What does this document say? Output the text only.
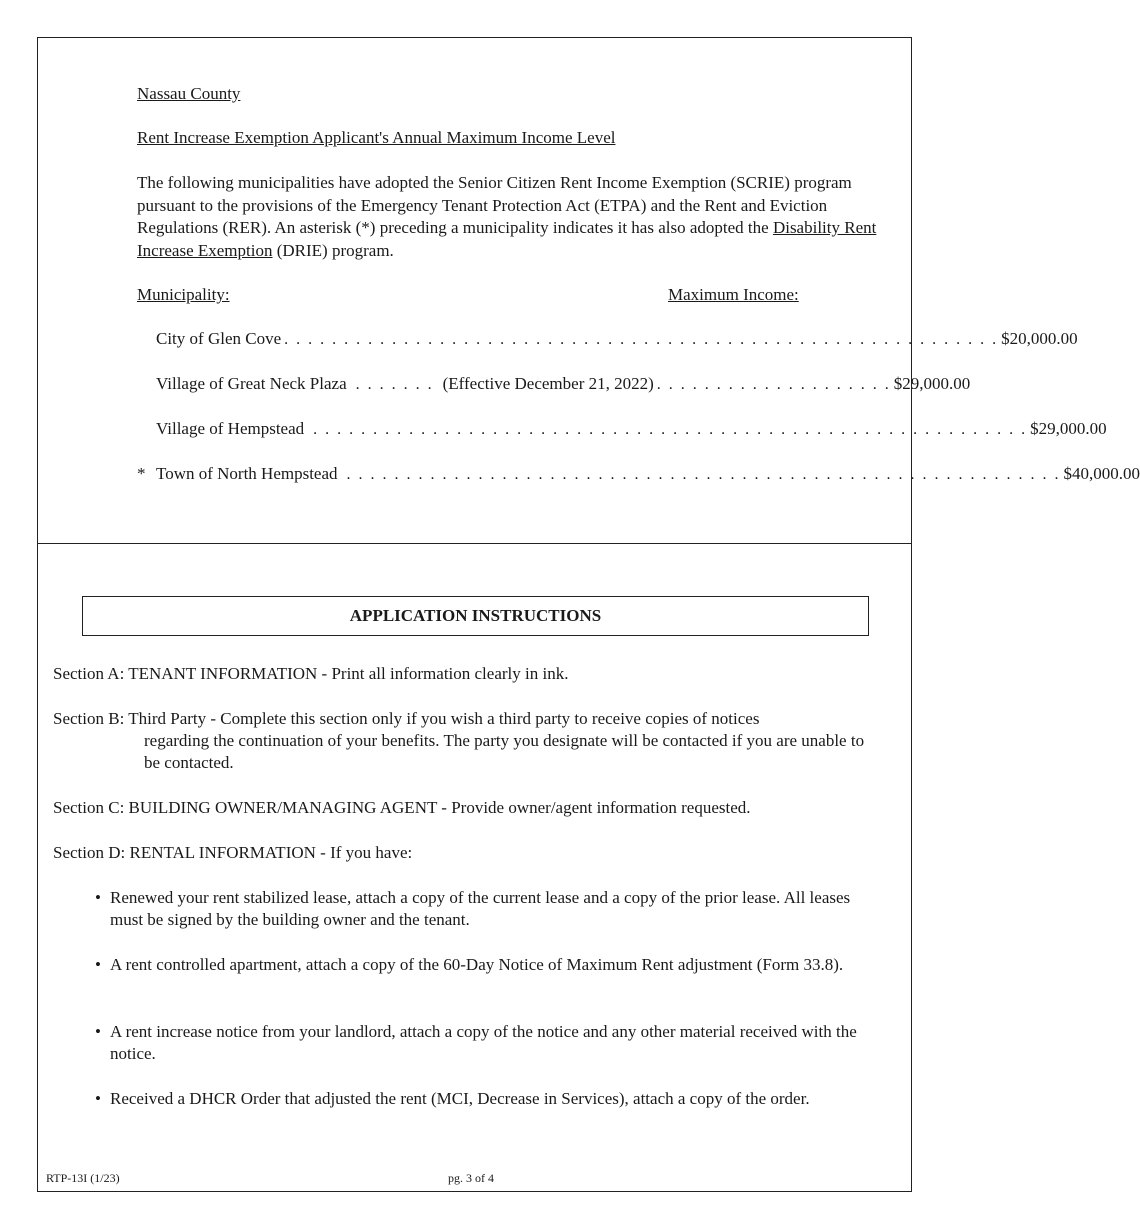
Nassau County
Rent Increase Exemption Applicant's Annual Maximum Income Level
The following municipalities have adopted the Senior Citizen Rent Income Exemption (SCRIE) program pursuant to the provisions of the Emergency Tenant Protection Act (ETPA) and the Rent and Eviction Regulations (RER). An asterisk (*) preceding a municipality indicates it has also adopted the Disability Rent Increase Exemption (DRIE) program.
Municipality:	Maximum Income:
City of Glen Cove . . . . . . . . . . . . . . . . . . . . . . . . . . . . . . . . . . . . . . . . . . . . . . . . . . . . . . . . . . . . $20,000.00
Village of Great Neck Plaza . . . . . . . (Effective December 21, 2022) . . . . . . . . . . . . . . . . . . . . $29,000.00
Village of Hempstead . . . . . . . . . . . . . . . . . . . . . . . . . . . . . . . . . . . . . . . . . . . . . . . . . . . . . . . . . . . . $29,000.00
* Town of North Hempstead . . . . . . . . . . . . . . . . . . . . . . . . . . . . . . . . . . . . . . . . . . . . . . . . . . . . . . . . . . . . $40,000.00
APPLICATION INSTRUCTIONS
Section A: TENANT INFORMATION - Print all information clearly in ink.
Section B: Third Party - Complete this section only if you wish a third party to receive copies of notices
regarding the continuation of your benefits. The party you designate will be contacted if you are unable to be contacted.
Section C: BUILDING OWNER/MANAGING AGENT - Provide owner/agent information requested.
Section D: RENTAL INFORMATION - If you have:
• Renewed your rent stabilized lease, attach a copy of the current lease and a copy of the prior lease. All leases must be signed by the building owner and the tenant.
• A rent controlled apartment, attach a copy of the 60-Day Notice of Maximum Rent adjustment (Form 33.8).
• A rent increase notice from your landlord, attach a copy of the notice and any other material received with the notice.
• Received a DHCR Order that adjusted the rent (MCI, Decrease in Services), attach a copy of the order.
RTP-13I (1/23)	pg. 3 of 4
